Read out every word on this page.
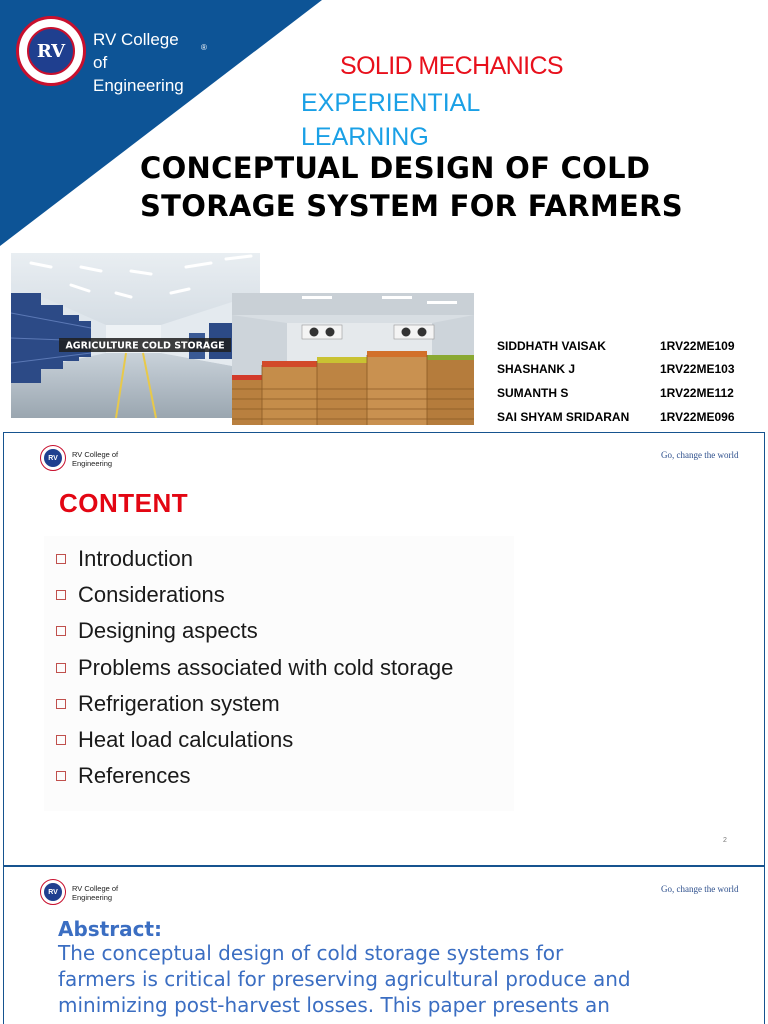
RV
RV College
of
Engineering
®
SOLID MECHANICS
EXPERIENTIAL
LEARNING
CONCEPTUAL DESIGN OF COLD
STORAGE SYSTEM FOR FARMERS
AGRICULTURE COLD STORAGE	SIDDHATH VAISAK	1RV22ME109
SHASHANK J	1RV22ME103
SUMANTH S	1RV22ME112
SAI SHYAM SRIDARAN	1RV22ME096
RV	RV College of
Engineering
Go, change the world
CONTENT
Introduction
Considerations
Designing aspects
Problems associated with cold storage
Refrigeration system
Heat load calculations
References
2
RV	RV College of
Engineering
Go, change the world
Abstract:
The conceptual design of cold storage systems for
farmers is critical for preserving agricultural produce and
minimizing post-harvest losses. This paper presents an
